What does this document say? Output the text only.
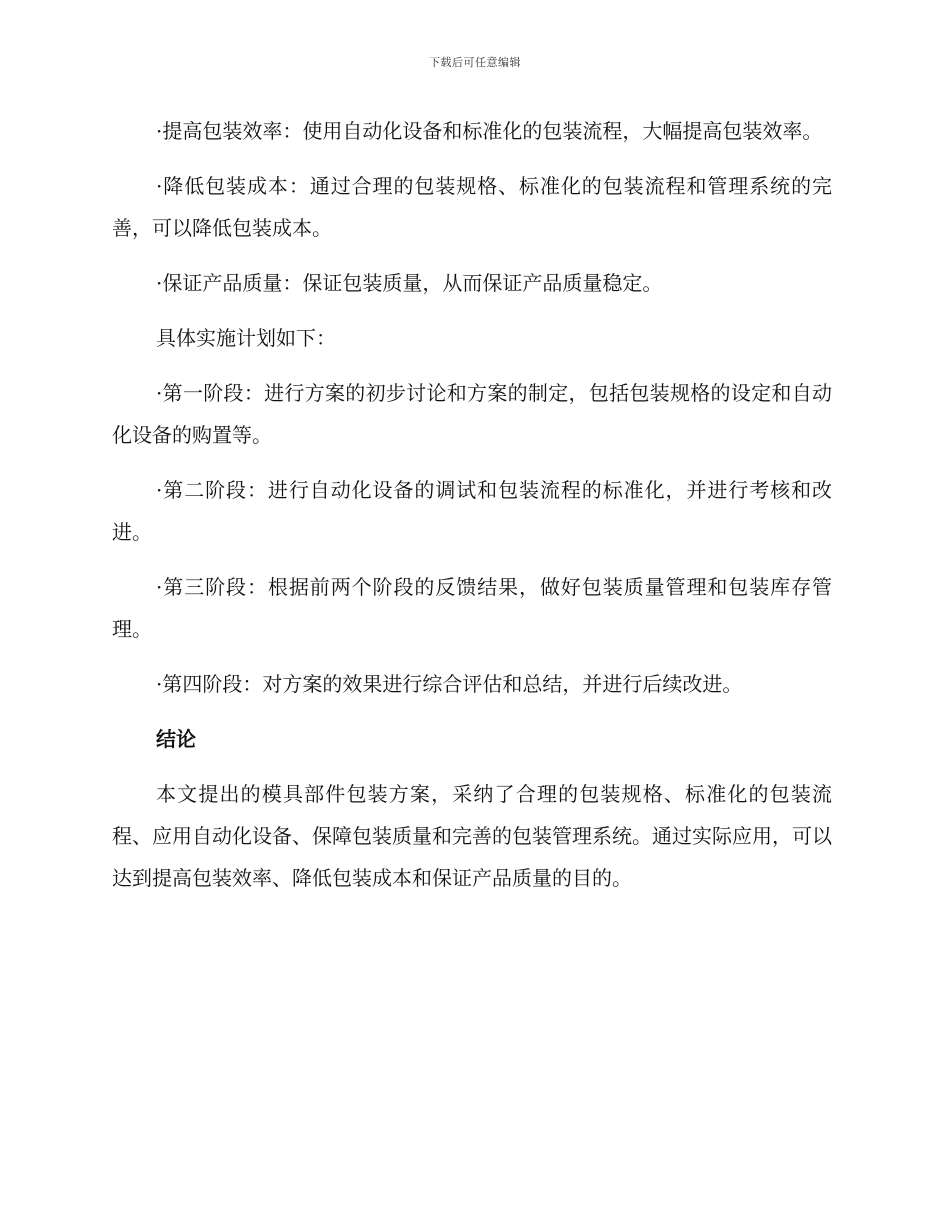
下载后可任意编辑

·提高包装效率：使用自动化设备和标准化的包装流程，大幅提高包装效率。

·降低包装成本：通过合理的包装规格、标准化的包装流程和管理系统的完善，可以降低包装成本。

·保证产品质量：保证包装质量，从而保证产品质量稳定。

具体实施计划如下：

·第一阶段：进行方案的初步讨论和方案的制定，包括包装规格的设定和自动化设备的购置等。

·第二阶段：进行自动化设备的调试和包装流程的标准化，并进行考核和改进。

·第三阶段：根据前两个阶段的反馈结果，做好包装质量管理和包装库存管理。

·第四阶段：对方案的效果进行综合评估和总结，并进行后续改进。

结论

本文提出的模具部件包装方案，采纳了合理的包装规格、标准化的包装流程、应用自动化设备、保障包装质量和完善的包装管理系统。通过实际应用，可以达到提高包装效率、降低包装成本和保证产品质量的目的。
